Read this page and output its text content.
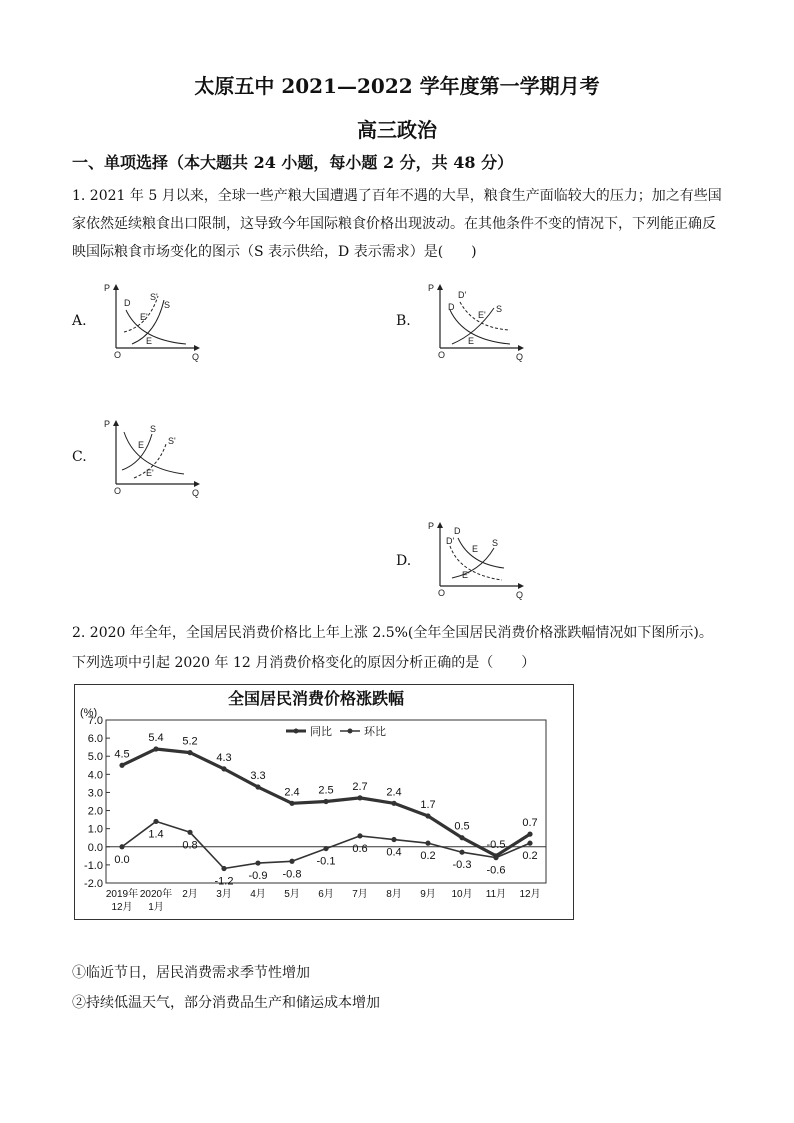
太原五中 2021—2022 学年度第一学期月考
高三政治
一、单项选择（本大题共 24 小题，每小题 2 分，共 48 分）
1. 2021 年 5 月以来，全球一些产粮大国遭遇了百年不遇的大旱，粮食生产面临较大的压力；加之有些国家依然延续粮食出口限制，这导致今年国际粮食价格出现波动。在其他条件不变的情况下，下列能正确反映国际粮食市场变化的图示（S 表示供给，D 表示需求）是(　　)
A.
P
O	Q
D
S'
S
E'
E
B.
P
O	Q
D'
D	S
E'
E
C.
P
O	Q
S
S'
E
E'
D.
P
O	Q
D
D'	S
E
E'
2. 2020 年全年，全国居民消费价格比上年上涨 2.5%(全年全国居民消费价格涨跌幅情况如下图所示)。下列选项中引起 2020 年 12 月消费价格变化的原因分析正确的是（　　）
全国居民消费价格涨跌幅
(%)
同比	环比
7.0
6.0
5.0
4.0
3.0
2.0
1.0
0.0
-1.0
-2.0
2019年
12月
2020年
1月
2月 3月 4月 5月 6月 7月 8月 9月 10月 11月 12月
4.5
5.4 5.2
4.3
3.3
2.4 2.5 2.7 2.4
1.7
0.5
-0.5
0.7
0.0
1.4
0.8
-1.2 -0.9 -0.8
-0.1
0.6 0.4 0.2
-0.3 -0.6
0.2
①临近节日，居民消费需求季节性增加
②持续低温天气，部分消费品生产和储运成本增加
